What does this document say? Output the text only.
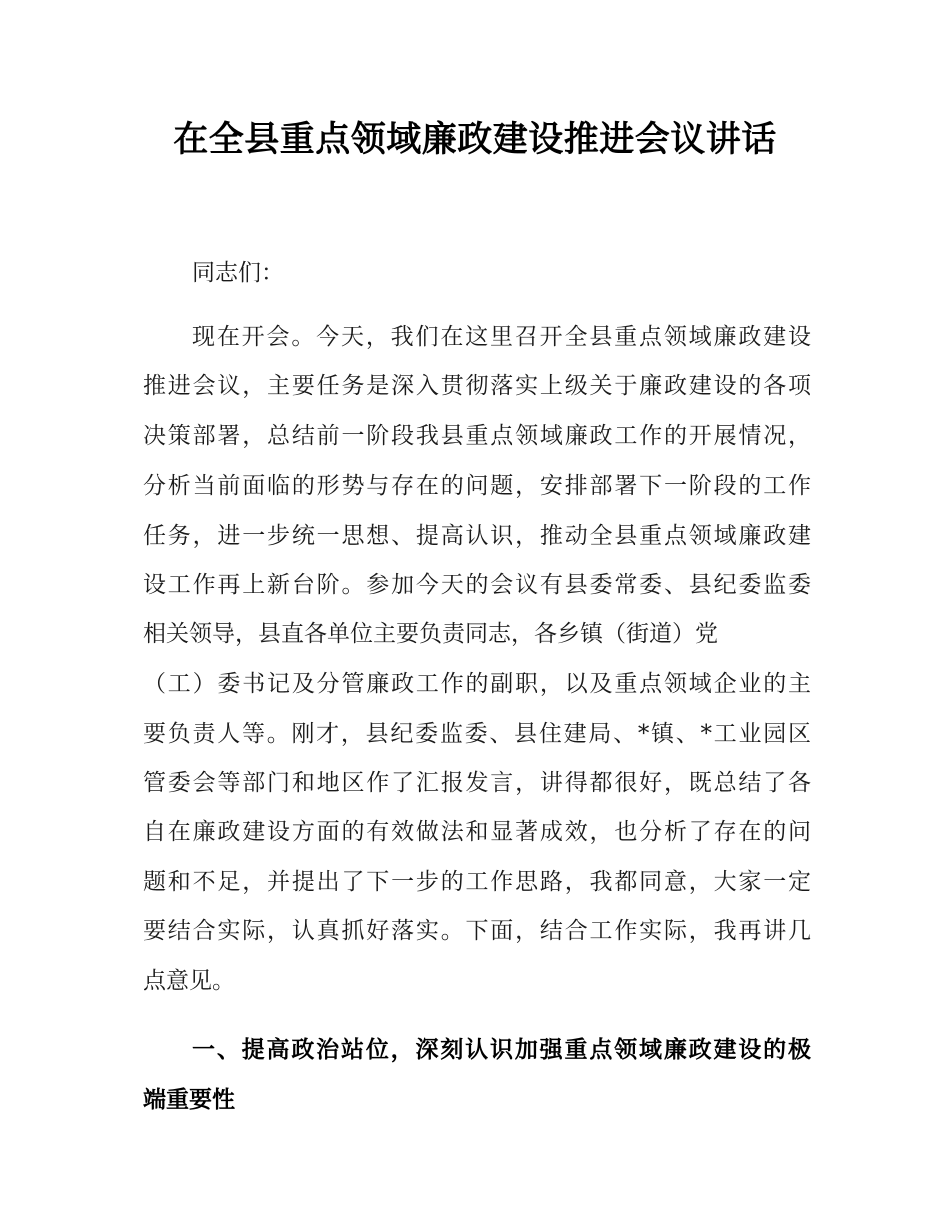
在全县重点领域廉政建设推进会议讲话

同志们：

现在开会。今天，我们在这里召开全县重点领域廉政建设

推进会议，主要任务是深入贯彻落实上级关于廉政建设的各项

决策部署，总结前一阶段我县重点领域廉政工作的开展情况，

分析当前面临的形势与存在的问题，安排部署下一阶段的工作

任务，进一步统一思想、提高认识，推动全县重点领域廉政建

设工作再上新台阶。参加今天的会议有县委常委、县纪委监委

相关领导，县直各单位主要负责同志，各乡镇（街道）党

（工）委书记及分管廉政工作的副职，以及重点领域企业的主

要负责人等。刚才，县纪委监委、县住建局、*镇、*工业园区

管委会等部门和地区作了汇报发言，讲得都很好，既总结了各

自在廉政建设方面的有效做法和显著成效，也分析了存在的问

题和不足，并提出了下一步的工作思路，我都同意，大家一定

要结合实际，认真抓好落实。下面，结合工作实际，我再讲几

点意见。

一、提高政治站位，深刻认识加强重点领域廉政建设的极

端重要性
